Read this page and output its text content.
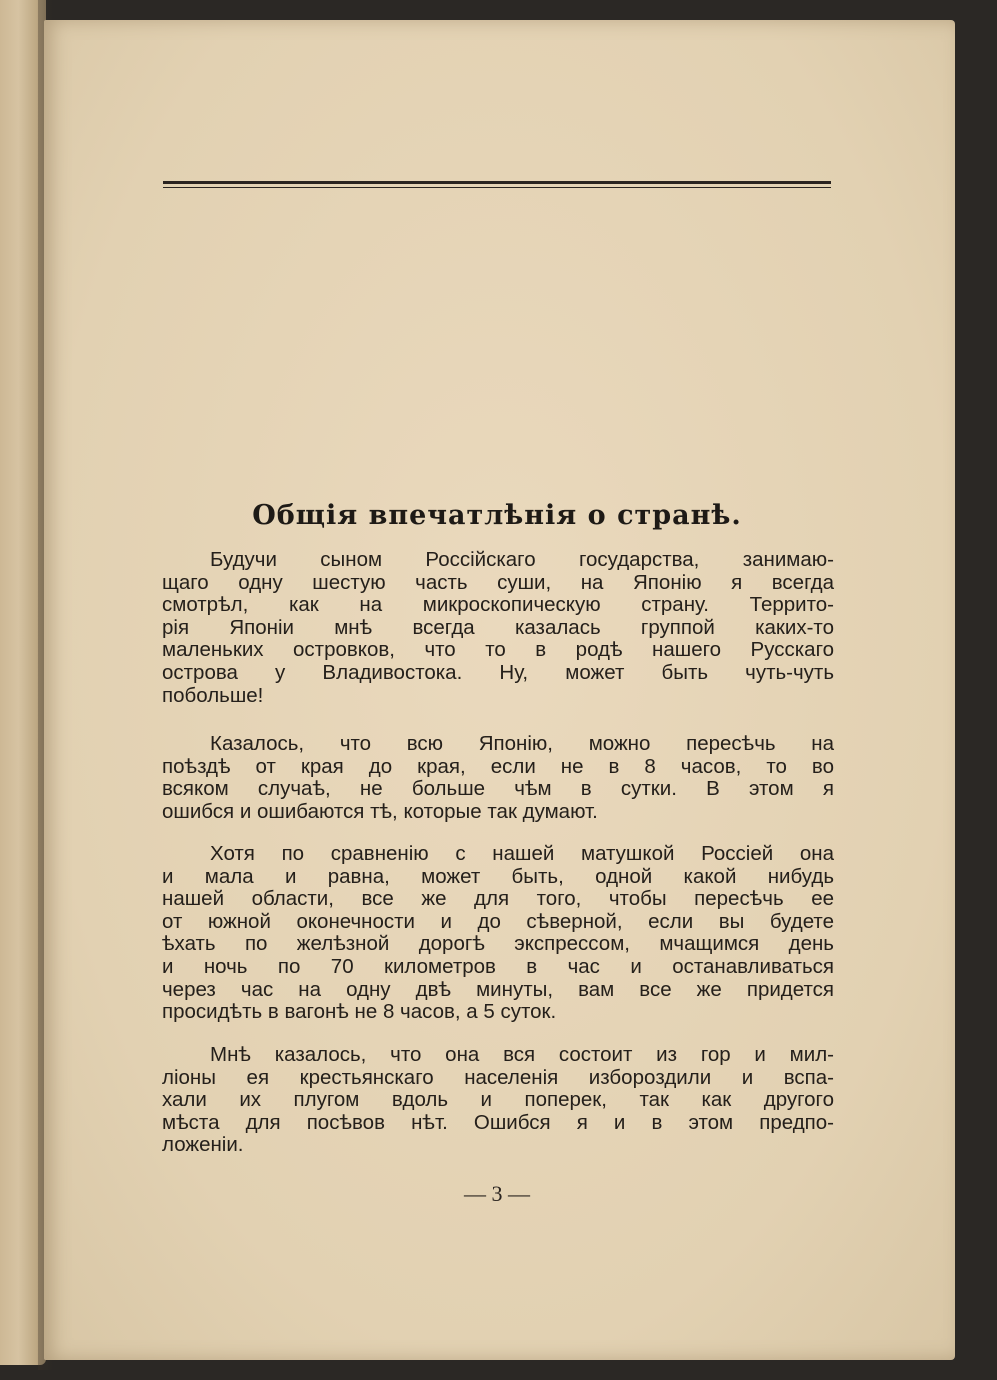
Общія впечатлѣнія о странѣ.
Будучи сыном Россійскаго государства, занимаю-
щаго одну шестую часть суши, на Японію я всегда
смотрѣл, как на микроскопическую страну. Террито-
рія Японіи мнѣ всегда казалась группой каких-то
маленьких островков, что то в родѣ нашего Русскаго
острова у Владивостока. Ну, может быть чуть-чуть
побольше!
Казалось, что всю Японію, можно пересѣчь на
поѣздѣ от края до края, если не в 8 часов, то во
всяком случаѣ, не больше чѣм в сутки. В этом я
ошибся и ошибаются тѣ, которые так думают.
Хотя по сравненію с нашей матушкой Россіей она
и мала и равна, может быть, одной какой нибудь
нашей области, все же для того, чтобы пересѣчь ее
от южной оконечности и до сѣверной, если вы будете
ѣхать по желѣзной дорогѣ экспрессом, мчащимся день
и ночь по 70 километров в час и останавливаться
через час на одну двѣ минуты, вам все же придется
просидѣть в вагонѣ не 8 часов, а 5 суток.
Мнѣ казалось, что она вся состоит из гор и мил-
ліоны ея крестьянскаго населенія изборoздили и вспа-
хали их плугом вдоль и поперек, так как другого
мѣста для посѣвов нѣт. Ошибся я и в этом предпо-
ложеніи.
— 3 —
